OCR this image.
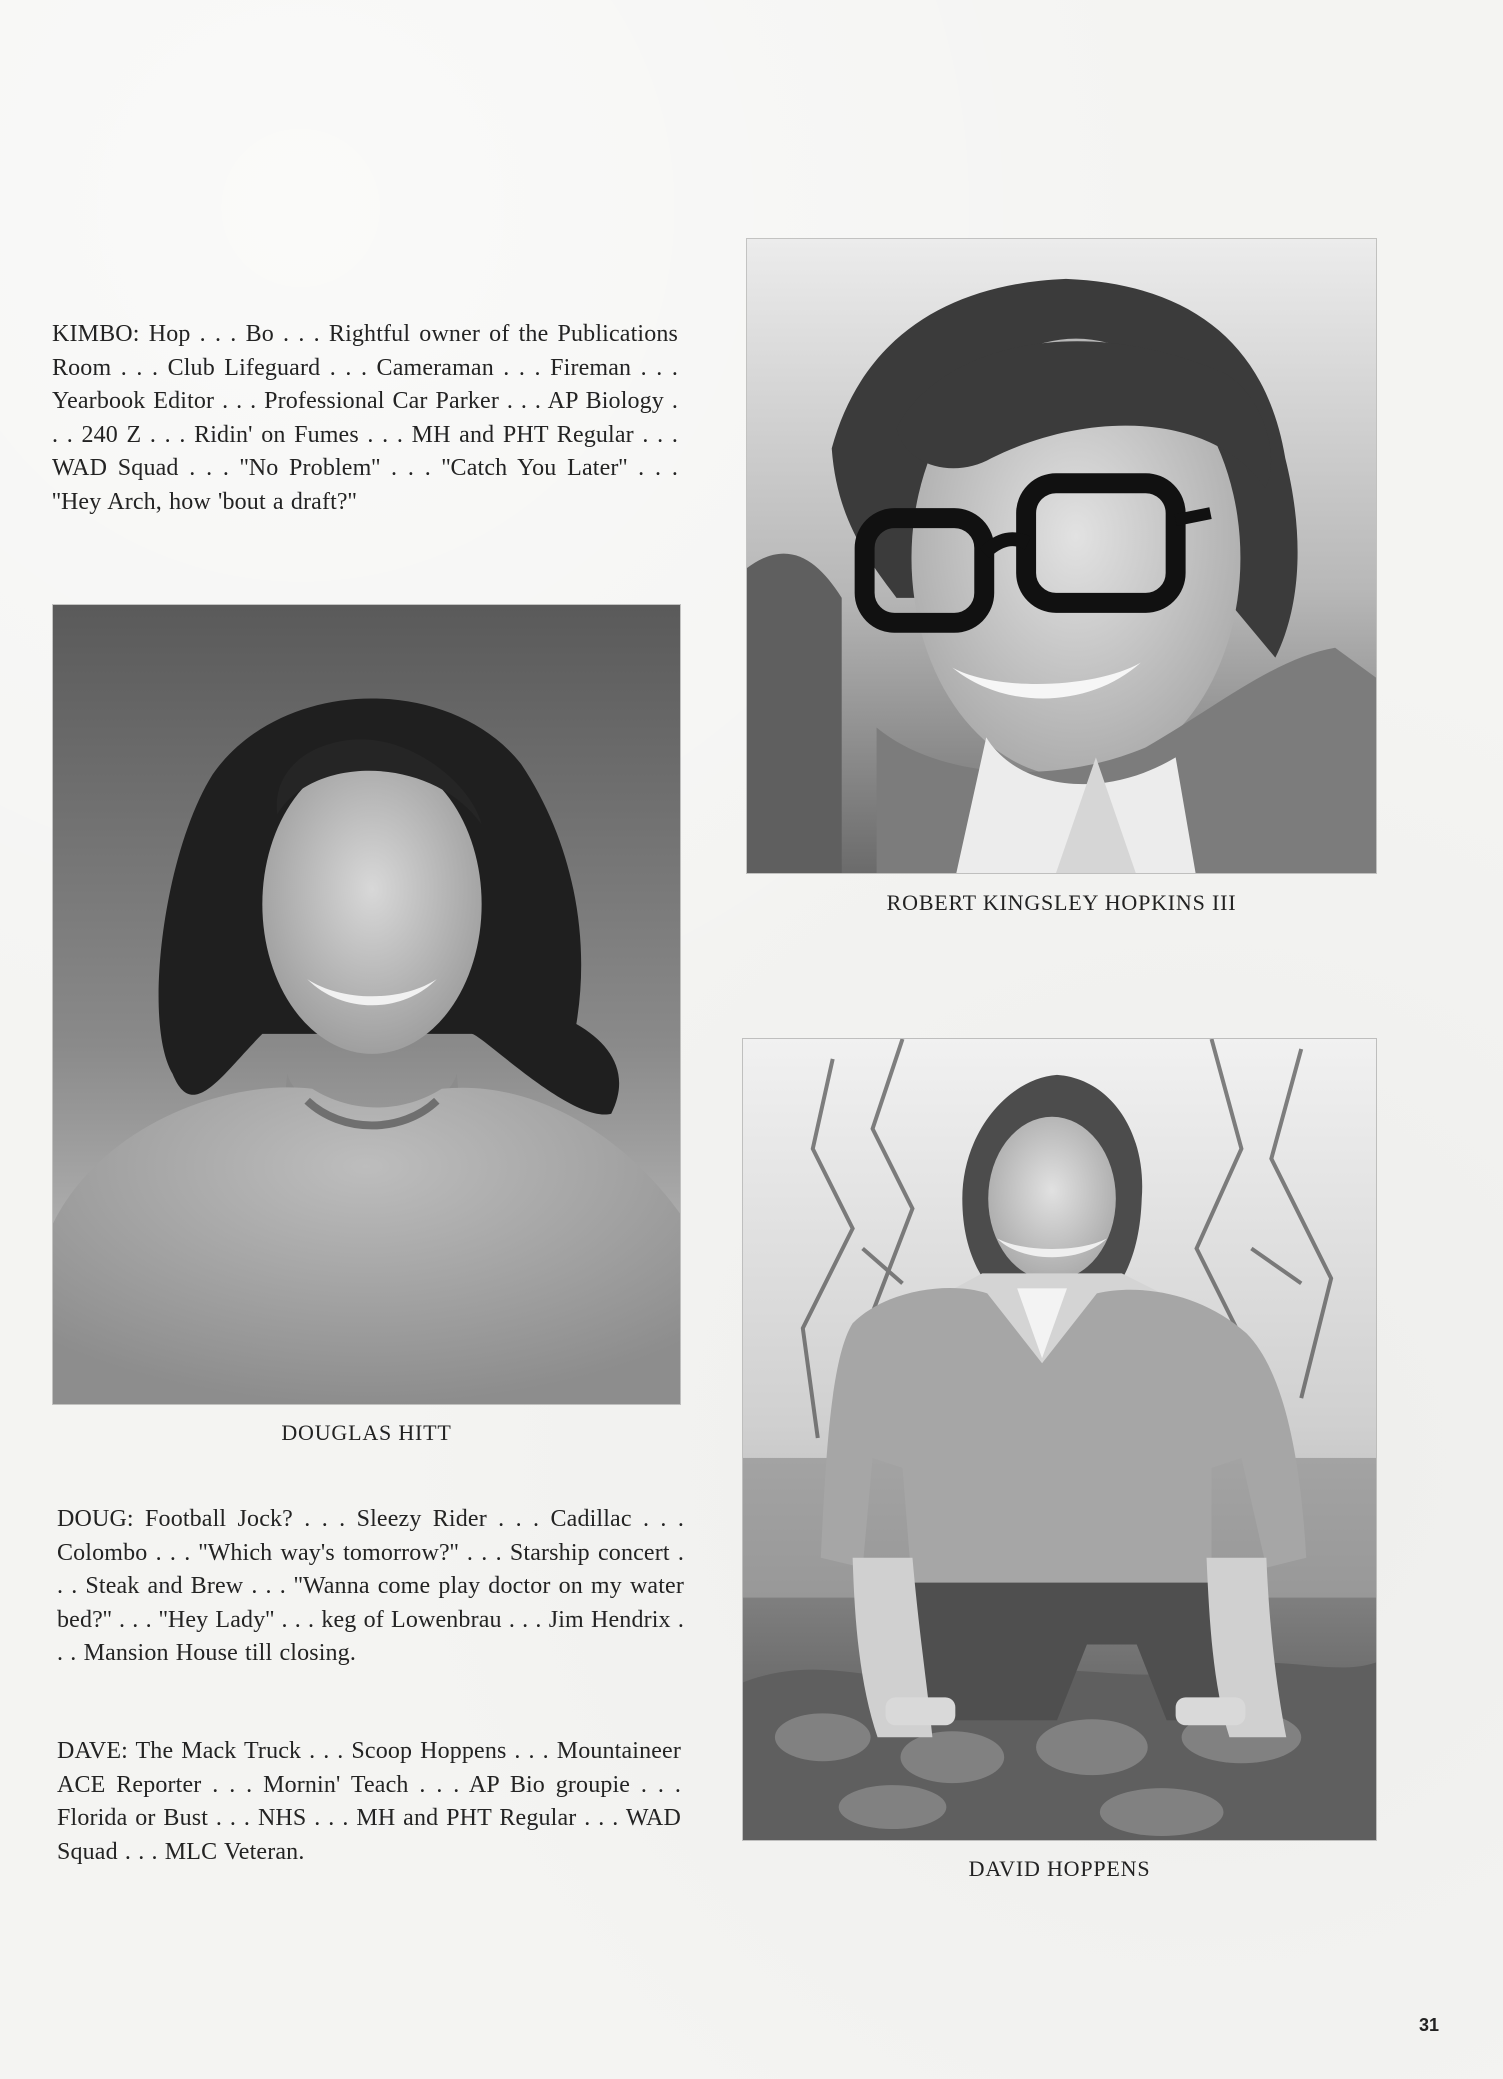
KIMBO: Hop . . . Bo . . . Rightful owner of the Publications Room . . . Club Lifeguard . . . Cameraman . . . Fireman . . . Yearbook Editor . . . Professional Car Parker . . . AP Biology . . . 240 Z . . . Ridin' on Fumes . . . MH and PHT Regular . . . WAD Squad . . . ''No Problem'' . . . ''Catch You Later'' . . . ''Hey Arch, how 'bout a draft?''

DOUGLAS HITT

DOUG: Football Jock? . . . Sleezy Rider . . . Cadillac . . . Colombo . . . ''Which way's tomorrow?'' . . . Starship concert . . . Steak and Brew . . . ''Wanna come play doctor on my water bed?'' . . . ''Hey Lady'' . . . keg of Lowenbrau . . . Jim Hendrix . . . Mansion House till closing.

DAVE: The Mack Truck . . . Scoop Hoppens . . . Mountaineer ACE Reporter . . . Mornin' Teach . . . AP Bio groupie . . . Florida or Bust . . . NHS . . . MH and PHT Regular . . . WAD Squad . . . MLC Veteran.

ROBERT KINGSLEY HOPKINS III

DAVID HOPPENS

31
